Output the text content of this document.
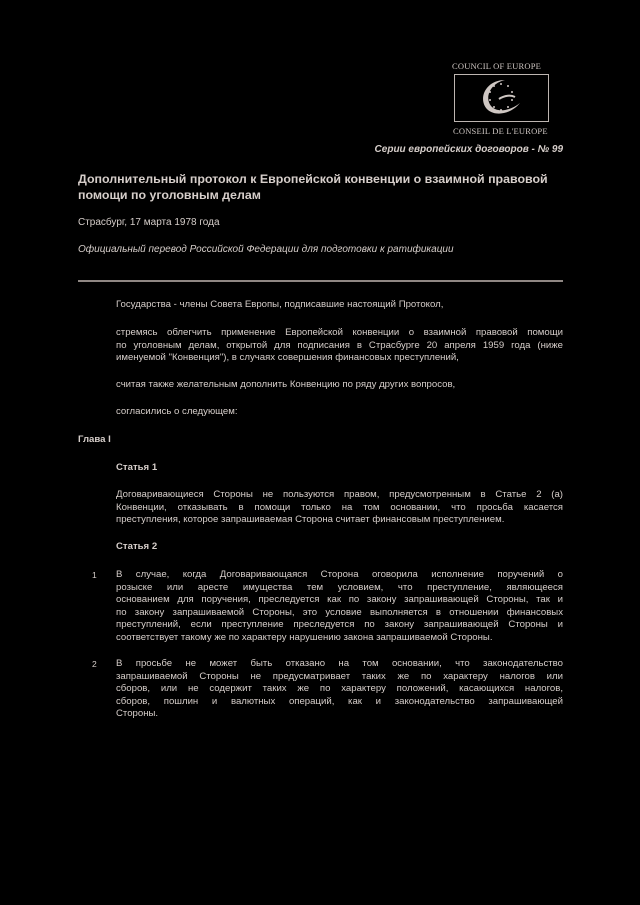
COUNCIL OF EUROPE
CONSEIL DE L'EUROPE
Серии европейских договоров - № 99
Дополнительный протокол к Европейской конвенции о взаимной правовой помощи по уголовным делам
Страсбург, 17 марта 1978 года
Официальный перевод Российской Федерации для подготовки к ратификации
Государства - члены Совета Европы, подписавшие настоящий Протокол,
стремясь облегчить применение Европейской конвенции о взаимной правовой помощи
по уголовным делам, открытой для подписания в Страсбурге 20 апреля 1959 года (ниже
именуемой "Конвенция"), в случаях совершения финансовых преступлений,
считая также желательным дополнить Конвенцию по ряду других вопросов,
согласились о следующем:
Глава I
Статья 1
Договаривающиеся Стороны не пользуются правом, предусмотренным в Статье 2 (a)
Конвенции, отказывать в помощи только на том основании, что просьба касается
преступления, которое запрашиваемая Сторона считает финансовым преступлением.
Статья 2
1 В случае, когда Договаривающаяся Сторона оговорила исполнение поручений о
розыске или аресте имущества тем условием, что преступление, являющееся
основанием для поручения, преследуется как по закону запрашивающей Стороны, так и
по закону запрашиваемой Стороны, это условие выполняется в отношении финансовых
преступлений, если преступление преследуется по закону запрашивающей Стороны и
соответствует такому же по характеру нарушению закона запрашиваемой Стороны.
2 В просьбе не может быть отказано на том основании, что законодательство
запрашиваемой Стороны не предусматривает таких же по характеру налогов или
сборов, или не содержит таких же по характеру положений, касающихся налогов,
сборов, пошлин и валютных операций, как и законодательство запрашивающей
Стороны.
